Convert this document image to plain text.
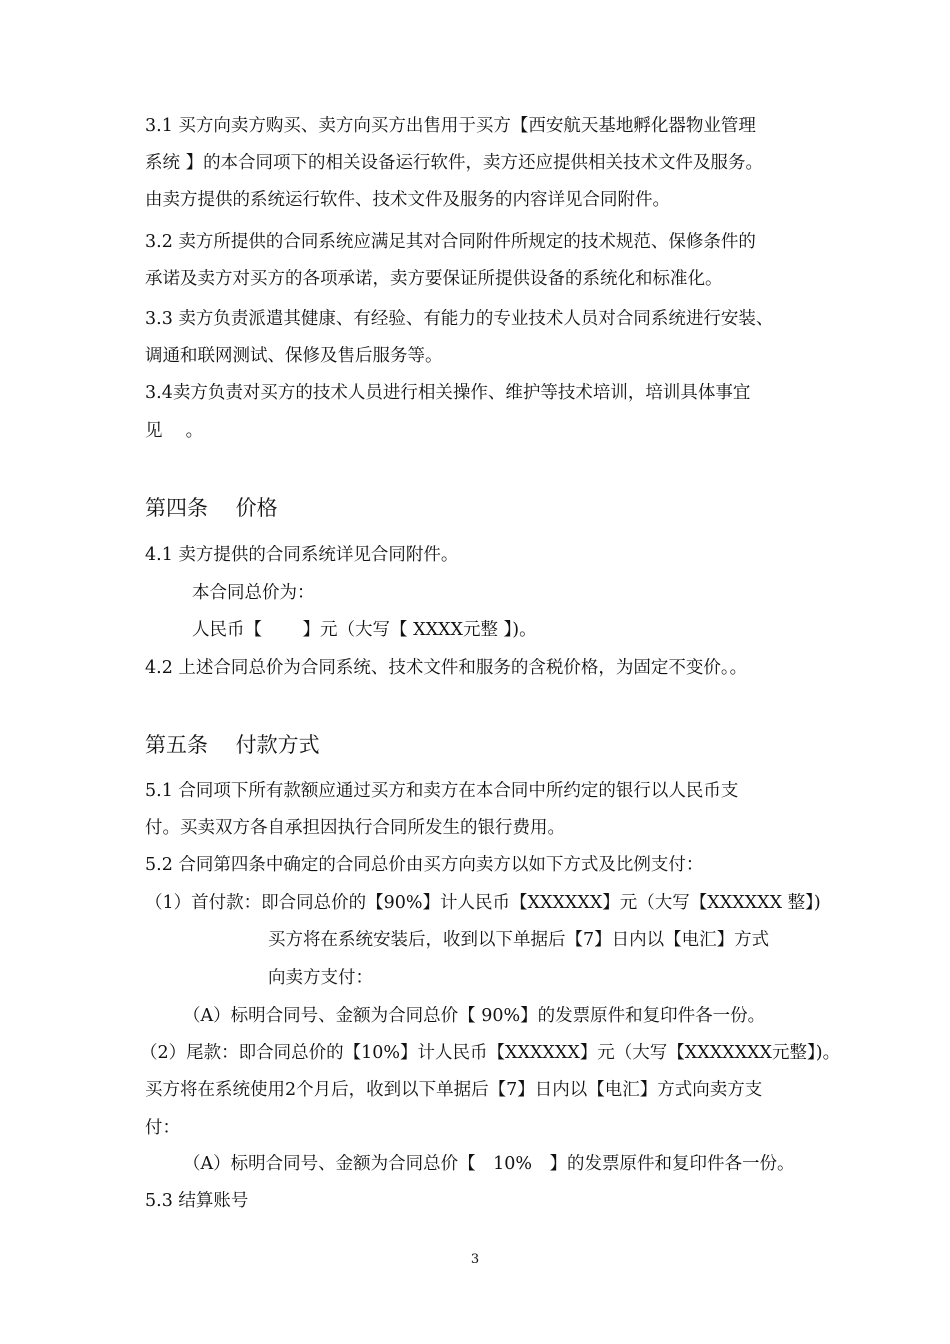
3.1 买方向卖方购买、卖方向买方出售用于买方【西安航天基地孵化器物业管理
系统 】的本合同项下的相关设备运行软件，卖方还应提供相关技术文件及服务。
由卖方提供的系统运行软件、技术文件及服务的内容详见合同附件。
3.2 卖方所提供的合同系统应满足其对合同附件所规定的技术规范、保修条件的
承诺及卖方对买方的各项承诺，卖方要保证所提供设备的系统化和标准化。
3.3 卖方负责派遣其健康、有经验、有能力的专业技术人员对合同系统进行安装、
调通和联网测试、保修及售后服务等。
3.4卖方负责对买方的技术人员进行相关操作、维护等技术培训，培训具体事宜
见　 。
第四条　 价格
4.1 卖方提供的合同系统详见合同附件。
本合同总价为：
人民币【　　 】元（大写【 XXXX元整 】)。
4.2 上述合同总价为合同系统、技术文件和服务的含税价格，为固定不变价。。
第五条　 付款方式
5.1 合同项下所有款额应通过买方和卖方在本合同中所约定的银行以人民币支
付。买卖双方各自承担因执行合同所发生的银行费用。
5.2 合同第四条中确定的合同总价由买方向卖方以如下方式及比例支付：
（1）首付款：即合同总价的【90%】计人民币【XXXXXX】元（大写【XXXXXX 整】)
买方将在系统安装后，收到以下单据后【7】日内以【电汇】方式
向卖方支付：
（A）标明合同号、金额为合同总价【 90%】的发票原件和复印件各一份。
（2）尾款：即合同总价的【10%】计人民币【XXXXXX】元（大写【XXXXXXX元整】)。
买方将在系统使用2个月后，收到以下单据后【7】日内以【电汇】方式向卖方支
付：
（A）标明合同号、金额为合同总价【　10%　】的发票原件和复印件各一份。
5.3 结算账号
3
